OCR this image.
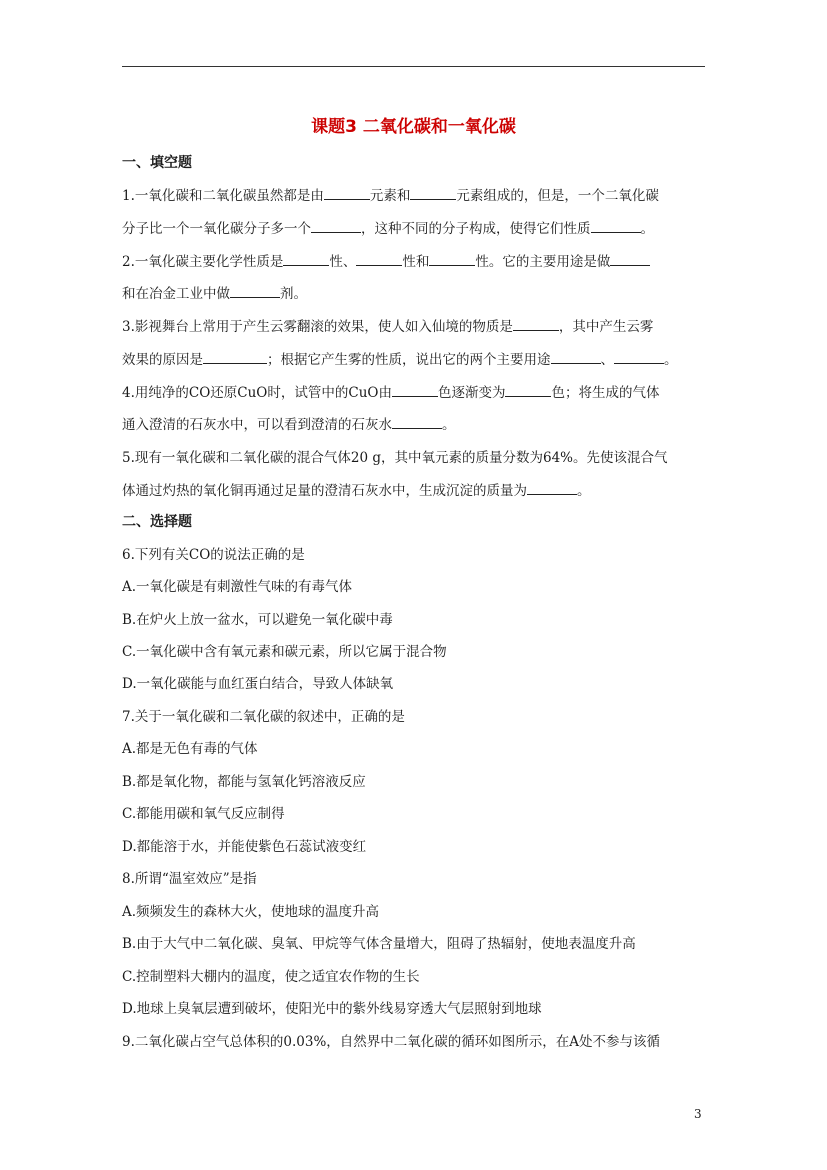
课题3 二氧化碳和一氧化碳
一、填空题
1.一氧化碳和二氧化碳虽然都是由	元素和	元素组成的，但是，一个二氧化碳
分子比一个一氧化碳分子多一个	，这种不同的分子构成，使得它们性质	。
2.一氧化碳主要化学性质是	性、	性和	性。它的主要用途是做
和在冶金工业中做	剂。
3.影视舞台上常用于产生云雾翻滚的效果，使人如入仙境的物质是	，其中产生云雾
效果的原因是	；根据它产生雾的性质，说出它的两个主要用途	、	。
4.用纯净的CO还原CuO时，试管中的CuO由	色逐渐变为	色；将生成的气体
通入澄清的石灰水中，可以看到澄清的石灰水	。
5.现有一氧化碳和二氧化碳的混合气体20 g，其中氧元素的质量分数为64%。先使该混合气
体通过灼热的氧化铜再通过足量的澄清石灰水中，生成沉淀的质量为	。
二、选择题
6.下列有关CO的说法正确的是
A.一氧化碳是有刺激性气味的有毒气体
B.在炉火上放一盆水，可以避免一氧化碳中毒
C.一氧化碳中含有氧元素和碳元素，所以它属于混合物
D.一氧化碳能与血红蛋白结合，导致人体缺氧
7.关于一氧化碳和二氧化碳的叙述中，正确的是
A.都是无色有毒的气体
B.都是氧化物，都能与氢氧化钙溶液反应
C.都能用碳和氧气反应制得
D.都能溶于水，并能使紫色石蕊试液变红
8.所谓“温室效应”是指
A.频频发生的森林大火，使地球的温度升高
B.由于大气中二氧化碳、臭氧、甲烷等气体含量增大，阻碍了热辐射，使地表温度升高
C.控制塑料大棚内的温度，使之适宜农作物的生长
D.地球上臭氧层遭到破坏，使阳光中的紫外线易穿透大气层照射到地球
9.二氧化碳占空气总体积的0.03%，自然界中二氧化碳的循环如图所示，在A处不参与该循
3
